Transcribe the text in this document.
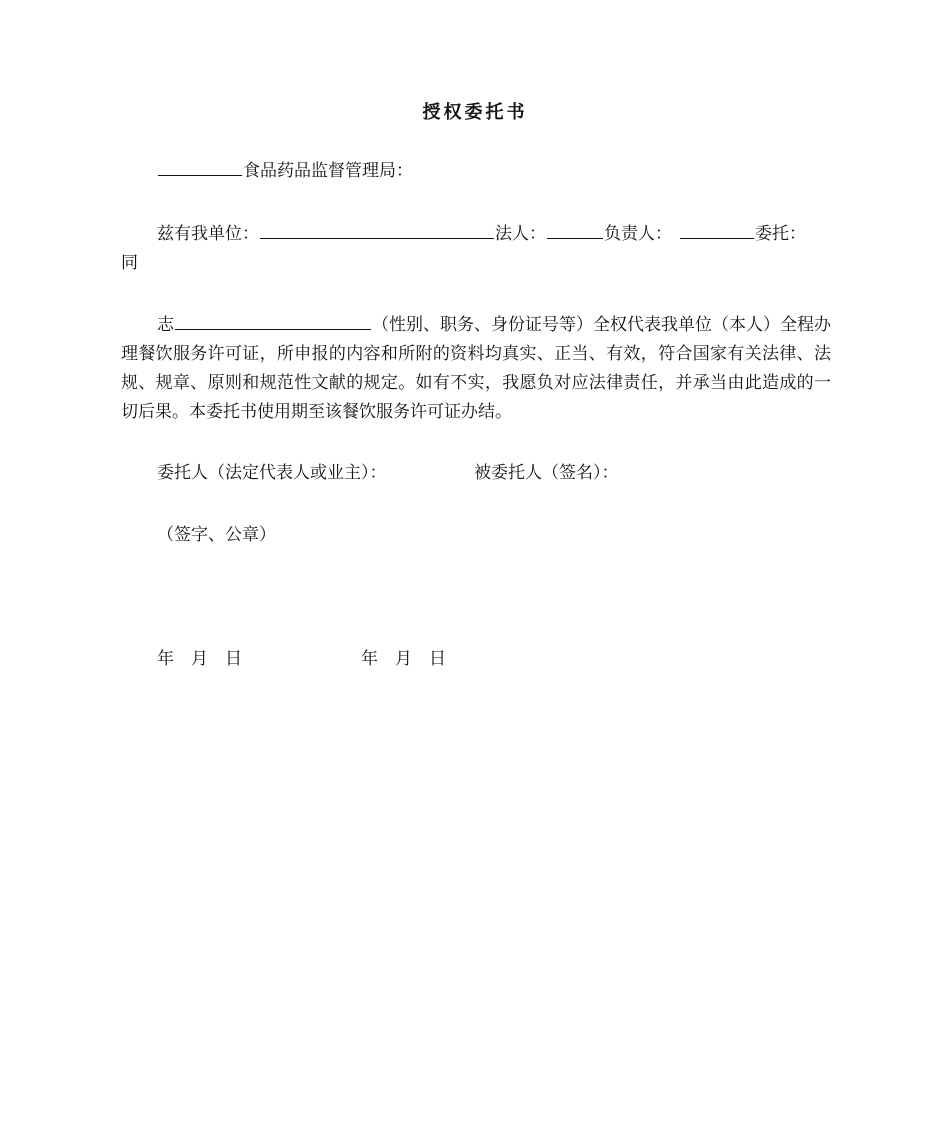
授权委托书
食品药品监督管理局：
兹有我单位：	法人：	负责人：	委托：
同
志	（性别、职务、身份证号等）全权代表我单位（本人）全程办理餐饮服务许可证，所申报的内容和所附的资料均真实、正当、有效，符合国家有关法律、法规、规章、原则和规范性文献的规定。如有不实，我愿负对应法律责任，并承当由此造成的一切后果。本委托书使用期至该餐饮服务许可证办结。
委托人（法定代表人或业主）：	被委托人（签名）：
（签字、公章）
年　月　日	年　月　日
